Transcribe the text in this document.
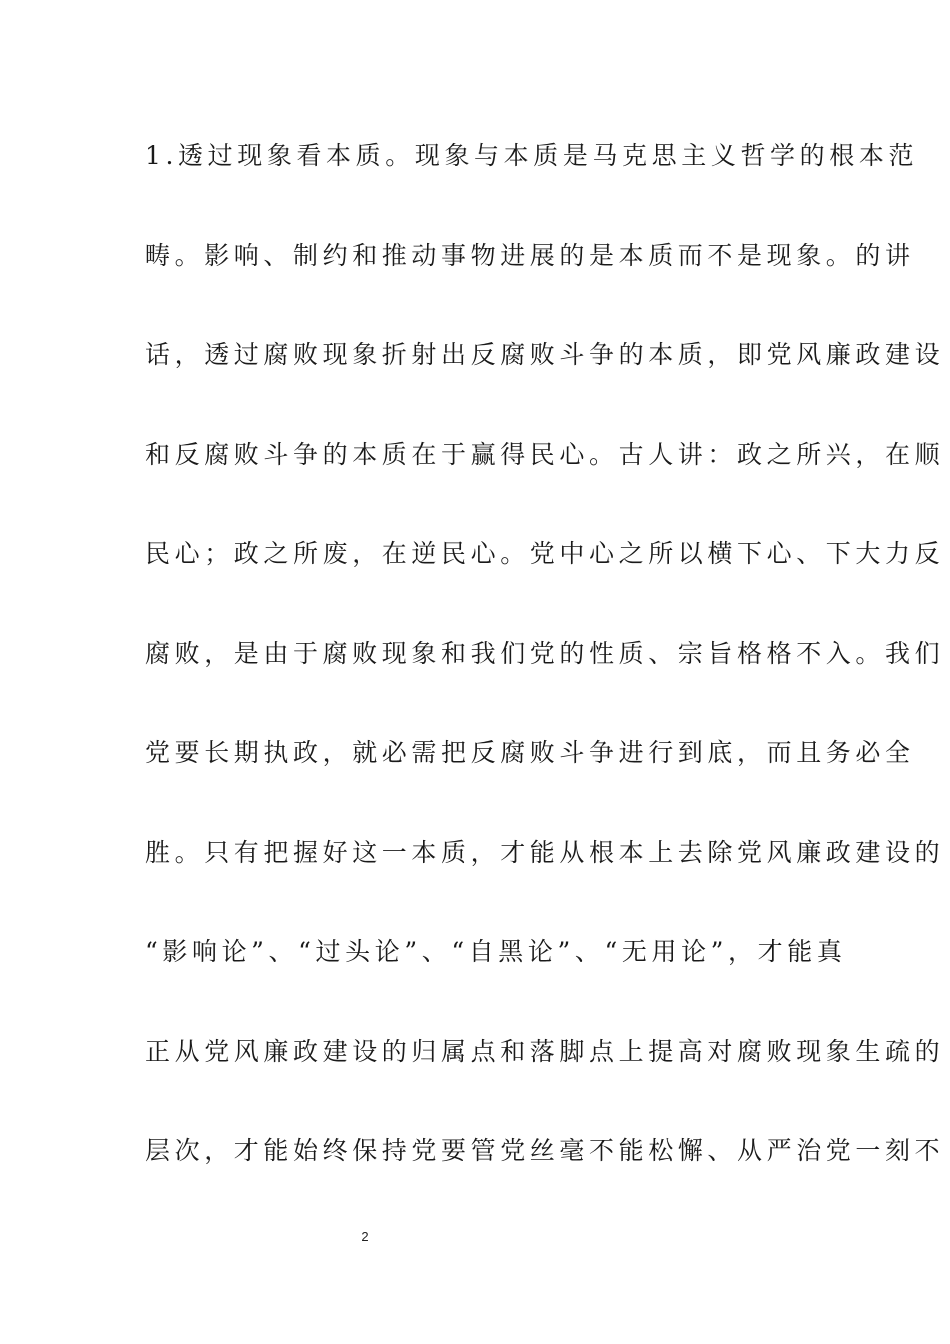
1.透过现象看本质。现象与本质是马克思主义哲学的根本范
畴。影响、制约和推动事物进展的是本质而不是现象。的讲
话，透过腐败现象折射出反腐败斗争的本质，即党风廉政建设
和反腐败斗争的本质在于赢得民心。古人讲：政之所兴，在顺
民心；政之所废，在逆民心。党中心之所以横下心、下大力反
腐败，是由于腐败现象和我们党的性质、宗旨格格不入。我们
党要长期执政，就必需把反腐败斗争进行到底，而且务必全
胜。只有把握好这一本质，才能从根本上去除党风廉政建设的
“影响论”、“过头论”、“自黑论”、“无用论”，才能真
正从党风廉政建设的归属点和落脚点上提高对腐败现象生疏的
层次，才能始终保持党要管党丝毫不能松懈、从严治党一刻不
2
